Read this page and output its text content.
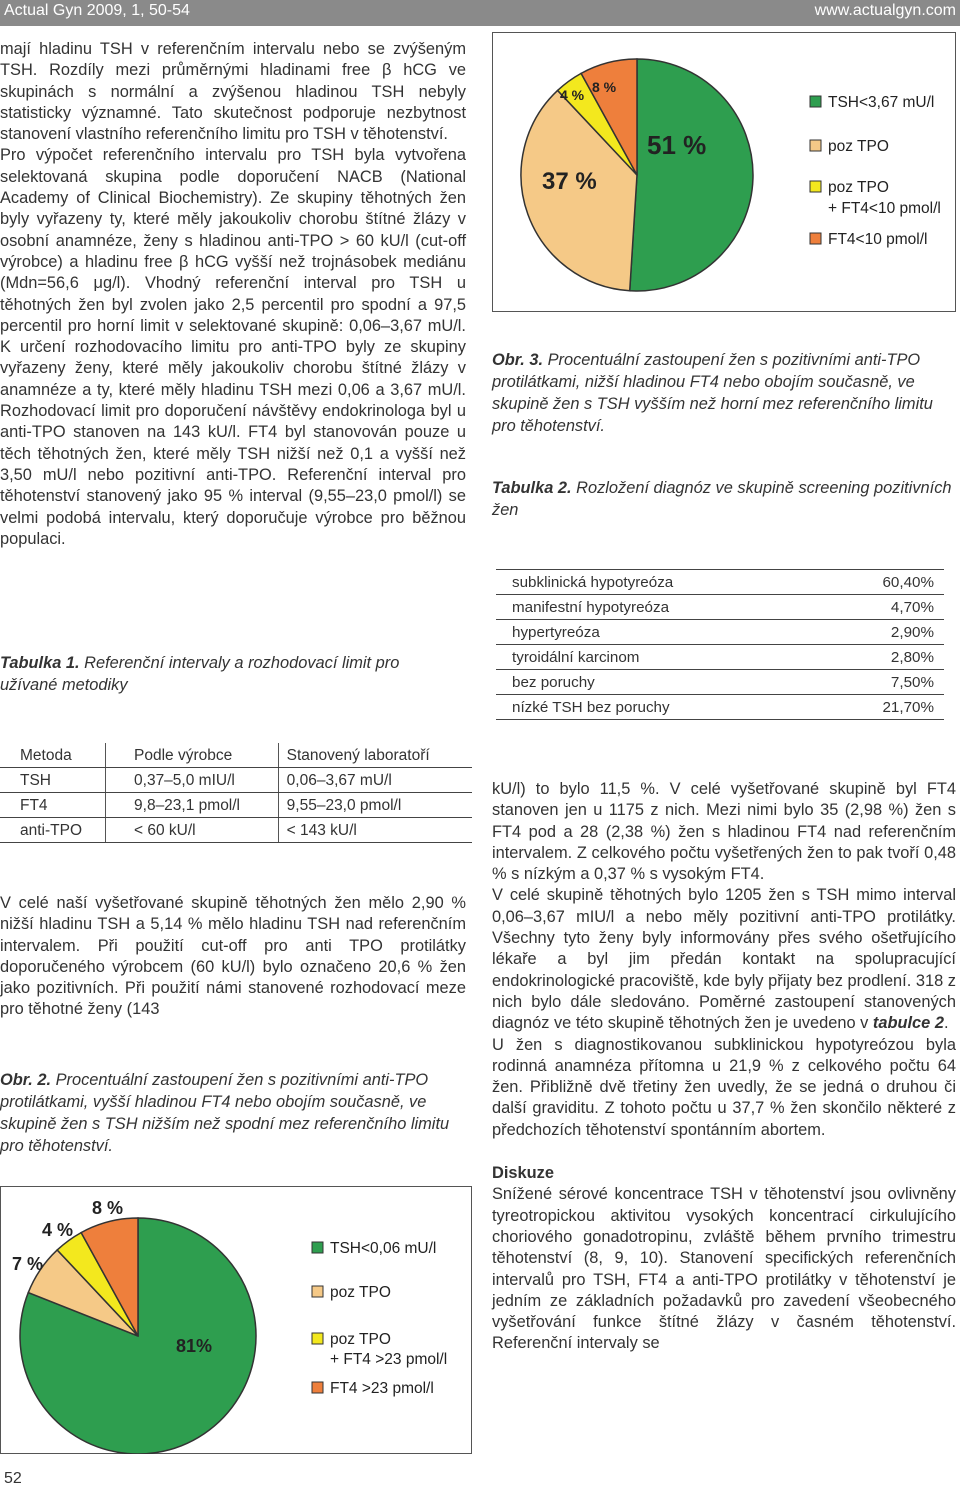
Actual Gyn 2009, 1, 50-54	www.actualgyn.com

mají hladinu TSH v referenčním intervalu nebo se zvýšeným TSH. Rozdíly mezi průměrnými hladinami free β hCG ve skupinách s normální a zvýšenou hladinou TSH nebyly statisticky významné. Tato skutečnost podporuje nezbytnost stanovení vlastního referenčního limitu pro TSH v těhotenství.

Pro výpočet referenčního intervalu pro TSH byla vytvořena selektovaná skupina podle doporučení NACB (National Academy of Clinical Biochemistry). Ze skupiny těhotných žen byly vyřazeny ty, které měly jakoukoliv chorobu štítné žlázy v osobní anamnéze, ženy s hladinou anti-TPO > 60 kU/l (cut-off výrobce) a hladinu free β hCG vyšší než trojnásobek mediánu (Mdn=56,6 μg/l). Vhodný referenční interval pro TSH u těhotných žen byl zvolen jako 2,5 percentil pro spodní a 97,5 percentil pro horní limit v selektované skupině: 0,06–3,67 mU/l. K určení rozhodovacího limitu pro anti-TPO byly ze skupiny vyřazeny ženy, které měly jakoukoliv chorobu štítné žlázy v anamnéze a ty, které měly hladinu TSH mezi 0,06 a 3,67 mU/l. Rozhodovací limit pro doporučení návštěvy endokrinologa byl u anti-TPO stanoven na 143 kU/l. FT4 byl stanovován pouze u těch těhotných žen, které měly TSH nižší než 0,1 a vyšší než 3,50 mU/l nebo pozitivní anti-TPO. Referenční interval pro těhotenství stanovený jako 95 % interval (9,55–23,0 pmol/l) se velmi podobá intervalu, který doporučuje výrobce pro běžnou populaci.

Tabulka 1. Referenční intervaly a rozhodovací limit pro užívané metodiky
Metoda	Podle výrobce	Stanovený laboratoří
TSH	0,37–5,0 mIU/l	0,06–3,67 mU/l
FT4	9,8–23,1 pmol/l	9,55–23,0 pmol/l
anti-TPO	< 60 kU/l	< 143 kU/l

V celé naší vyšetřované skupině těhotných žen mělo 2,90 % nižší hladinu TSH a 5,14 % mělo hladinu TSH nad referenčním intervalem. Při použití cut-off pro anti TPO protilátky doporučeného výrobcem (60 kU/l) bylo označeno 20,6 % žen jako pozitivních. Při použití námi stanovené rozhodovací meze pro těhotné ženy (143

Obr. 2. Procentuální zastoupení žen s pozitivními anti-TPO protilátkami, vyšší hladinou FT4 nebo obojím současně, ve skupině žen s TSH nižším než spodní mez referenčního limitu pro těhotenství.
81%
7 %
4 %
8 %
TSH<0,06 mU/l
poz TPO
poz TPO
+ FT4 >23 pmol/l
FT4 >23 pmol/l
51 %
37 %
4 % 8 %
TSH<3,67 mU/l
poz TPO
poz TPO
+ FT4<10 pmol/l
FT4<10 pmol/l
Obr. 3. Procentuální zastoupení žen s pozitivními anti-TPO protilátkami, nižší hladinou FT4 nebo obojím současně, ve skupině žen s TSH vyšším než horní mez referenčního limitu pro těhotenství.
Tabulka 2. Rozložení diagnóz ve skupině screening pozitivních žen
subklinická hypotyreóza	60,40%
manifestní hypotyreóza	4,70%
hypertyreóza	2,90%
tyroidální karcinom	2,80%
bez poruchy	7,50%
nízké TSH bez poruchy	21,70%

kU/l) to bylo 11,5 %. V celé vyšetřované skupině byl FT4 stanoven jen u 1175 z nich. Mezi nimi bylo 35 (2,98 %) žen s FT4 pod a 28 (2,38 %) žen s hladinou FT4 nad referenčním intervalem. Z celkového počtu vyšetřených žen to pak tvoří 0,48 % s nízkým a 0,37 % s vysokým FT4.

V celé skupině těhotných bylo 1205 žen s TSH mimo interval 0,06–3,67 mIU/l a nebo měly pozitivní anti-TPO protilátky. Všechny tyto ženy byly informovány přes svého ošetřujícího lékaře a byl jim předán kontakt na spolupracující endokrinologické pracoviště, kde byly přijaty bez prodlení. 318 z nich bylo dále sledováno. Poměrné zastoupení stanovených diagnóz ve této skupině těhotných žen je uvedeno v tabulce 2.

U žen s diagnostikovanou subklinickou hypotyreózou byla rodinná anamnéza přítomna u 21,9 % z celkového počtu 64 žen. Přibližně dvě třetiny žen uvedly, že se jedná o druhou či další graviditu. Z tohoto počtu u 37,7 % žen skončilo některé z předchozích těhotenství spontánním abortem.

Diskuze

Snížené sérové koncentrace TSH v těhotenství jsou ovlivněny tyreotropickou aktivitou vysokých koncentrací cirkulujícího choriového gonadotropinu, zvláště během prvního trimestru těhotenství (8, 9, 10). Stanovení specifických referenčních intervalů pro TSH, FT4 a anti-TPO protilátky v těhotenství je jedním ze základních požadavků pro zavedení všeobecného vyšetřování funkce štítné žlázy v časném těhotenství. Referenční intervaly se

52
